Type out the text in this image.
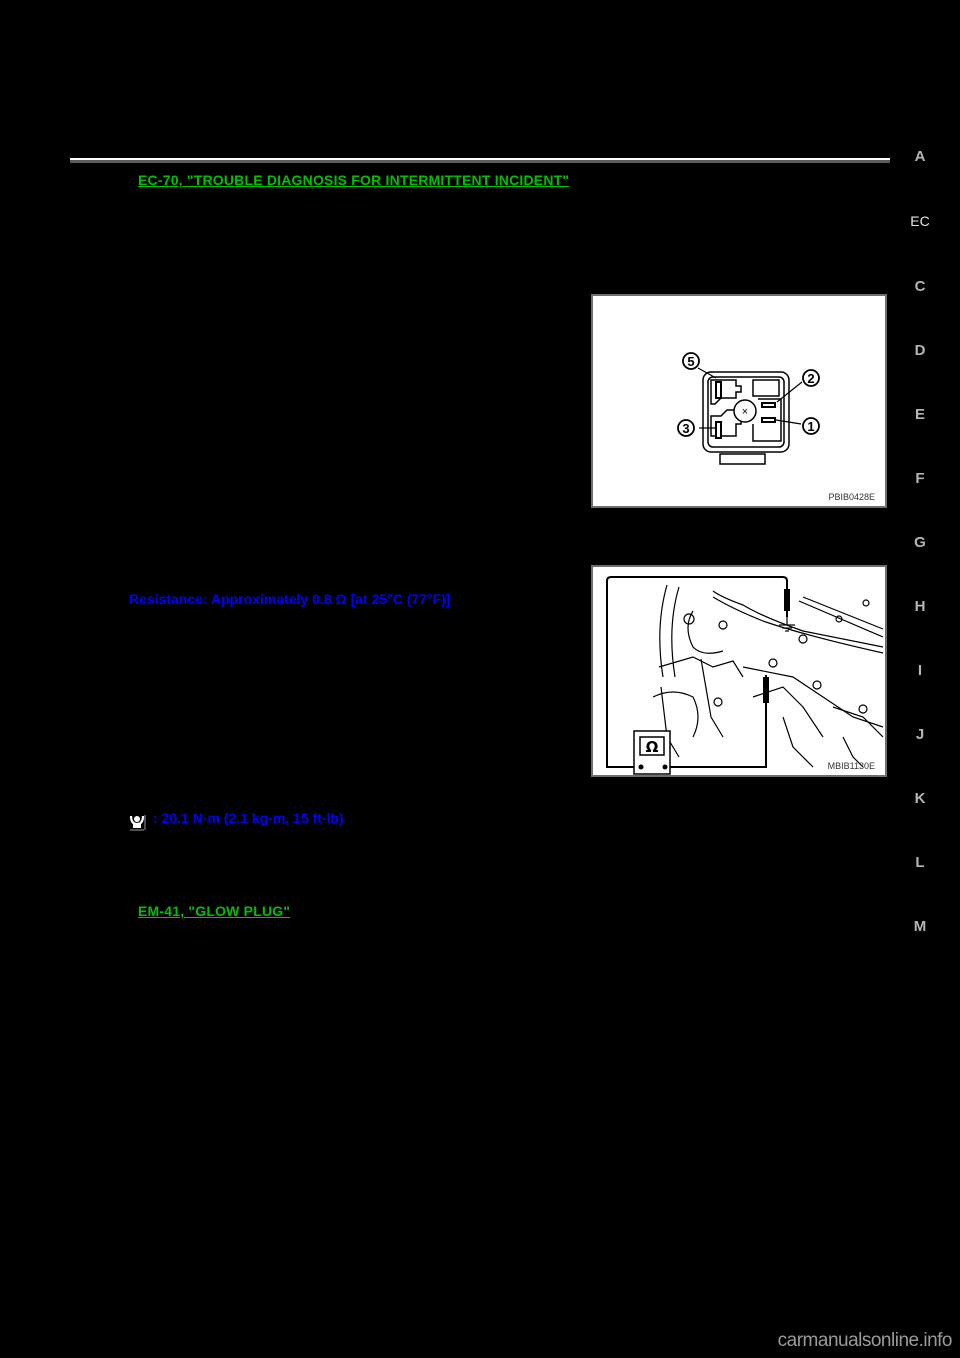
EC-70, "TROUBLE DIAGNOSIS FOR INTERMITTENT INCIDENT"
A
EC
C
D
E
F
G
H
I
J
K
L
M
×
5
2
3	1
PBIB0428E
Resistance: Approximately 0.8 Ω [at 25°C (77°F)]
Ω
MBIB1130E
: 20.1 N·m (2.1 kg-m, 15 ft-lb)
EM-41, "GLOW PLUG"
carmanualsonline.info
